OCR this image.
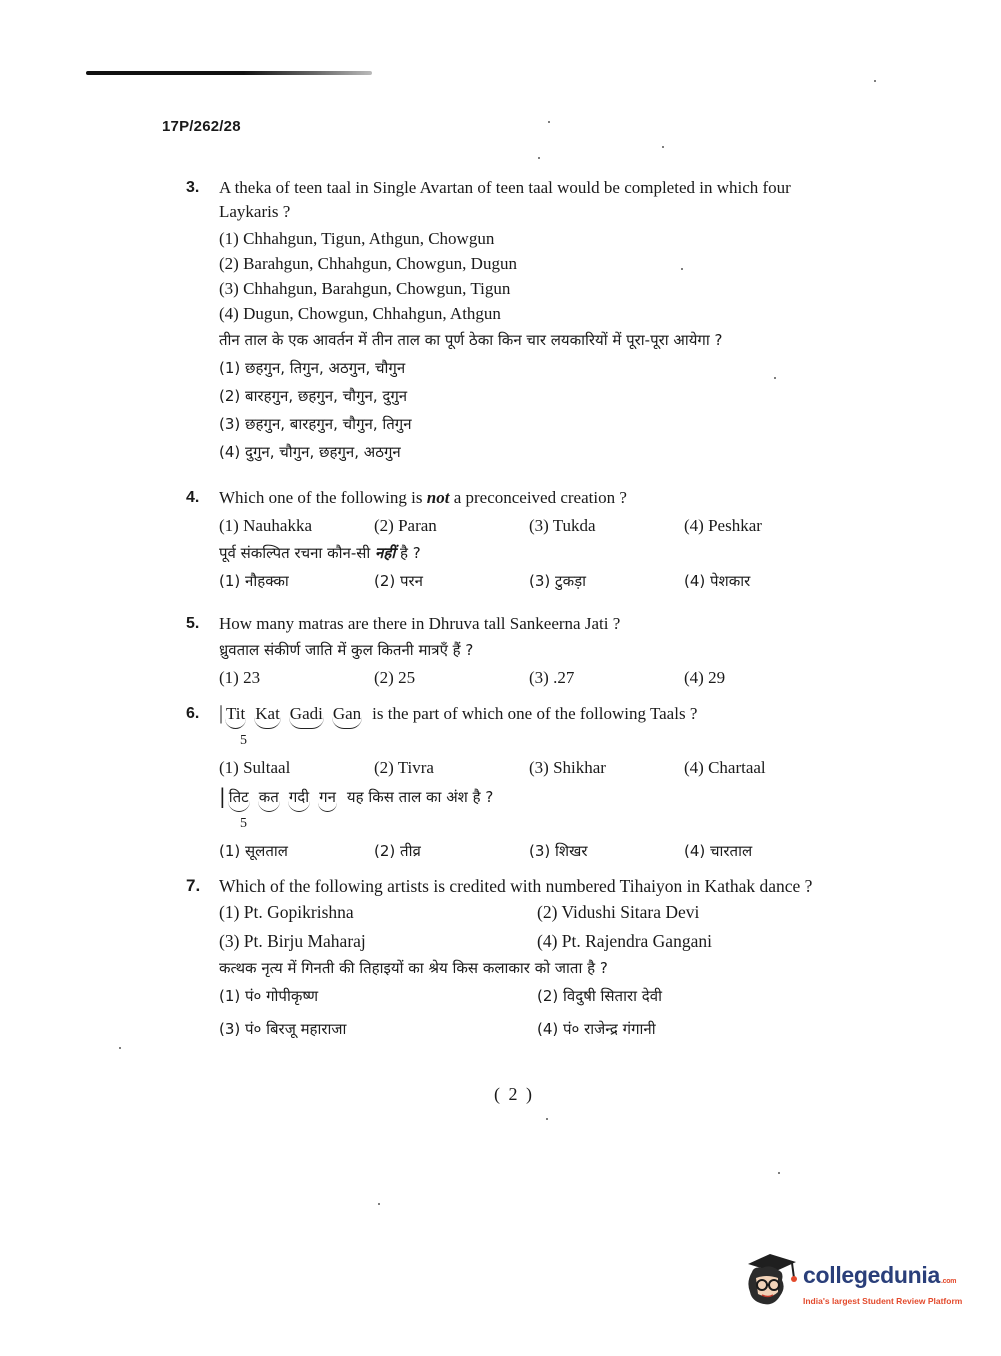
17P/262/28
3.	A theka of teen taal in Single Avartan of teen taal would be completed in which four Laykaris ?

(1) Chhahgun, Tigun, Athgun, Chowgun
(2) Barahgun, Chhahgun, Chowgun, Dugun
(3) Chhahgun, Barahgun, Chowgun, Tigun
(4) Dugun, Chowgun, Chhahgun, Athgun

तीन ताल के एक आवर्तन में तीन ताल का पूर्ण ठेका किन चार लयकारियों में पूरा-पूरा आयेगा ?

(1) छहगुन, तिगुन, अठगुन, चौगुन
(2) बारहगुन, छहगुन, चौगुन, दुगुन
(3) छहगुन, बारहगुन, चौगुन, तिगुन
(4) दुगुन, चौगुन, छहगुन, अठगुन
4.	Which one of the following is not a preconceived creation ?

(1) Nauhakka	(2) Paran	(3) Tukda	(4) Peshkar

पूर्व संकल्पित रचना कौन-सी नहीं है ?

(1) नौहक्का	(2) परन	(3) टुकड़ा	(4) पेशकार
5.	How many matras are there in Dhruva tall Sankeerna Jati ?

ध्रुवताल संकीर्ण जाति में कुल कितनी मात्रएँ हैं ?

(1) 23	(2) 25	(3) .27	(4) 29
6. | Tit Kat Gadi Gan is the part of which one of the following Taals ?
5
(1) Sultaal	(2) Tivra	(3) Shikhar	(4) Chartaal
| तिट कत गदी गन यह किस ताल का अंश है ?
5
(1) सूलताल	(2) तीव्र	(3) शिखर	(4) चारताल
7.	Which of the following artists is credited with numbered Tihaiyon in Kathak dance ?

(1) Pt. Gopikrishna	(2) Vidushi Sitara Devi
(3) Pt. Birju Maharaj	(4) Pt. Rajendra Gangani

कत्थक नृत्य में गिनती की तिहाइयों का श्रेय किस कलाकार को जाता है ?

(1) पं० गोपीकृष्ण	(2) विदुषी सितारा देवी
(3) पं० बिरजू महाराजा	(4) पं० राजेन्द्र गंगानी
( 2 )
collegedunia.com
India's largest Student Review Platform
